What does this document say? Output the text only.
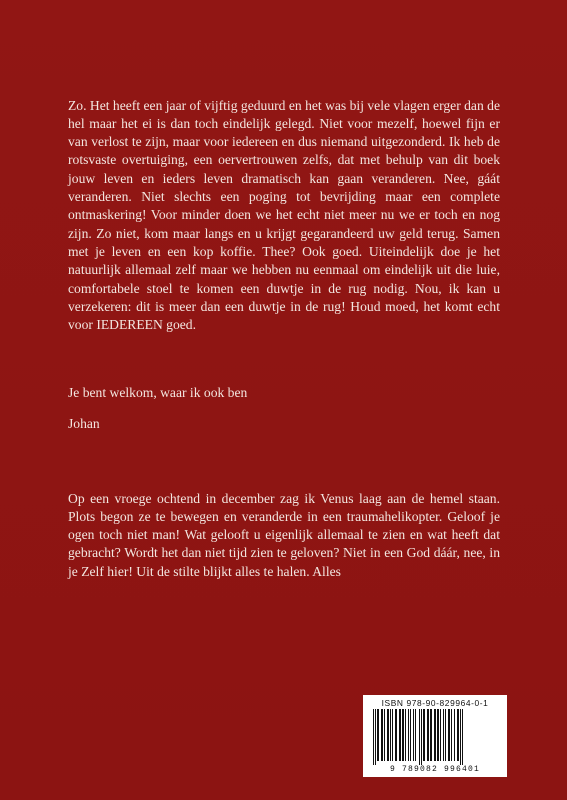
Zo. Het heeft een jaar of vijftig geduurd en het was bij vele vlagen erger dan de hel maar het ei is dan toch eindelijk gelegd. Niet voor mezelf, hoewel fijn er van verlost te zijn, maar voor iedereen en dus niemand uitgezonderd. Ik heb de rotsvaste overtuiging, een oervertrouwen zelfs, dat met behulp van dit boek jouw leven en ieders leven dramatisch kan gaan veranderen. Nee, gáát veranderen. Niet slechts een poging tot bevrijding maar een complete ontmaskering! Voor minder doen we het echt niet meer nu we er toch en nog zijn. Zo niet, kom maar langs en u krijgt gegarandeerd uw geld terug. Samen met je leven en een kop koffie. Thee? Ook goed. Uiteindelijk doe je het natuurlijk allemaal zelf maar we hebben nu eenmaal om eindelijk uit die luie, comfortabele stoel te komen een duwtje in de rug nodig. Nou, ik kan u verzekeren: dit is meer dan een duwtje in de rug! Houd moed, het komt echt voor IEDEREEN goed.

Je bent welkom, waar ik ook ben

Johan

Op een vroege ochtend in december zag ik Venus laag aan de hemel staan. Plots begon ze te bewegen en veranderde in een traumahelikopter. Geloof je ogen toch niet man! Wat gelooft u eigenlijk allemaal te zien en wat heeft dat gebracht? Wordt het dan niet tijd zien te geloven? Niet in een God dáár, nee, in je Zelf hier! Uit de stilte blijkt alles te halen. Alles

ISBN 978-90-829964-0-1
9 789082 996401
